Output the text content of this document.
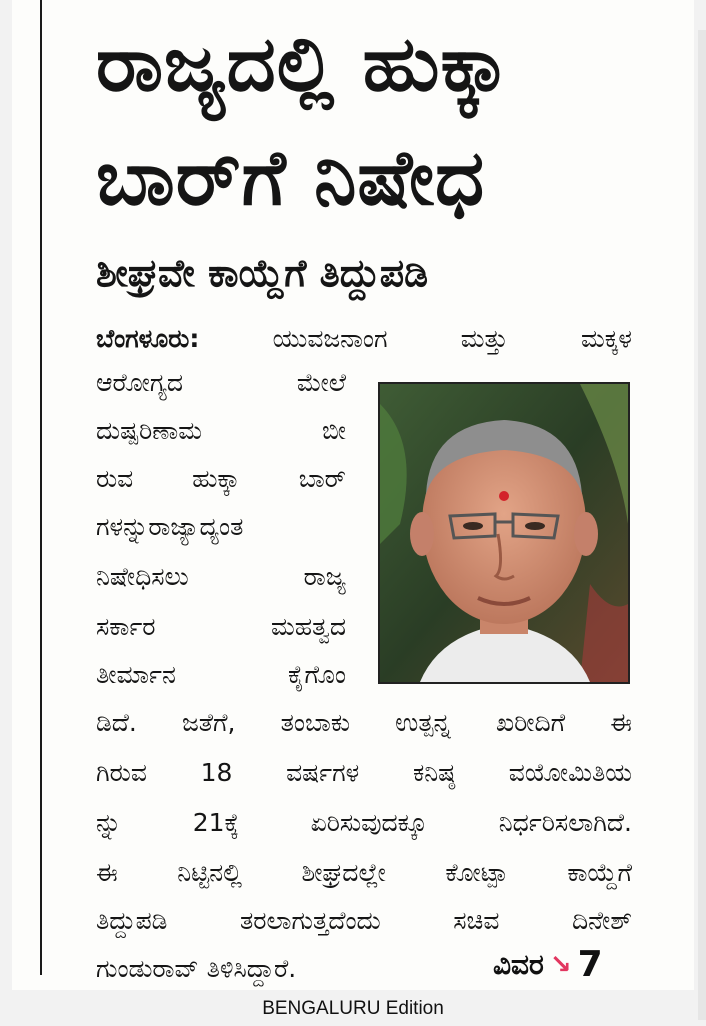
ರಾಜ್ಯದಲ್ಲಿ ಹುಕ್ಕಾ
ಬಾರ್‌ಗೆ ನಿಷೇಧ
ಶೀಘ್ರವೇ ಕಾಯ್ದೆಗೆ ತಿದ್ದುಪಡಿ
ಬೆಂಗಳೂರು:	ಯುವಜನಾಂಗ ಮತ್ತು ಮಕ್ಕಳ
ಆರೋಗ್ಯದ ಮೇಲೆ
ದುಷ್ಪರಿಣಾಮ ಬೀ
ರುವ ಹುಕ್ಕಾ ಬಾರ್
ಗಳನ್ನುರಾಜ್ಯಾದ್ಯಂತ
ನಿಷೇಧಿಸಲು ರಾಜ್ಯ
ಸರ್ಕಾರ ಮಹತ್ವದ
ತೀರ್ಮಾನ ಕೈಗೊಂ
ಡಿದೆ. ಜತೆಗೆ, ತಂಬಾಕು ಉತ್ಪನ್ನ ಖರೀದಿಗೆ ಈ
ಗಿರುವ 18 ವರ್ಷಗಳ ಕನಿಷ್ಠ ವಯೋಮಿತಿಯ
ನ್ನು 21ಕ್ಕೆ ಏರಿಸುವುದಕ್ಕೂ ನಿರ್ಧರಿಸಲಾಗಿದೆ.
ಈ ನಿಟ್ಟಿನಲ್ಲಿ ಶೀಘ್ರದಲ್ಲೇ ಕೋಟ್ಪಾ ಕಾಯ್ದೆಗೆ
ತಿದ್ದುಪಡಿ ತರಲಾಗುತ್ತದೆಂದು ಸಚಿವ ದಿನೇಶ್
ಗುಂಡುರಾವ್ ತಿಳಿಸಿದ್ದಾರೆ.	ವಿವರ ↘ 7
BENGALURU Edition
